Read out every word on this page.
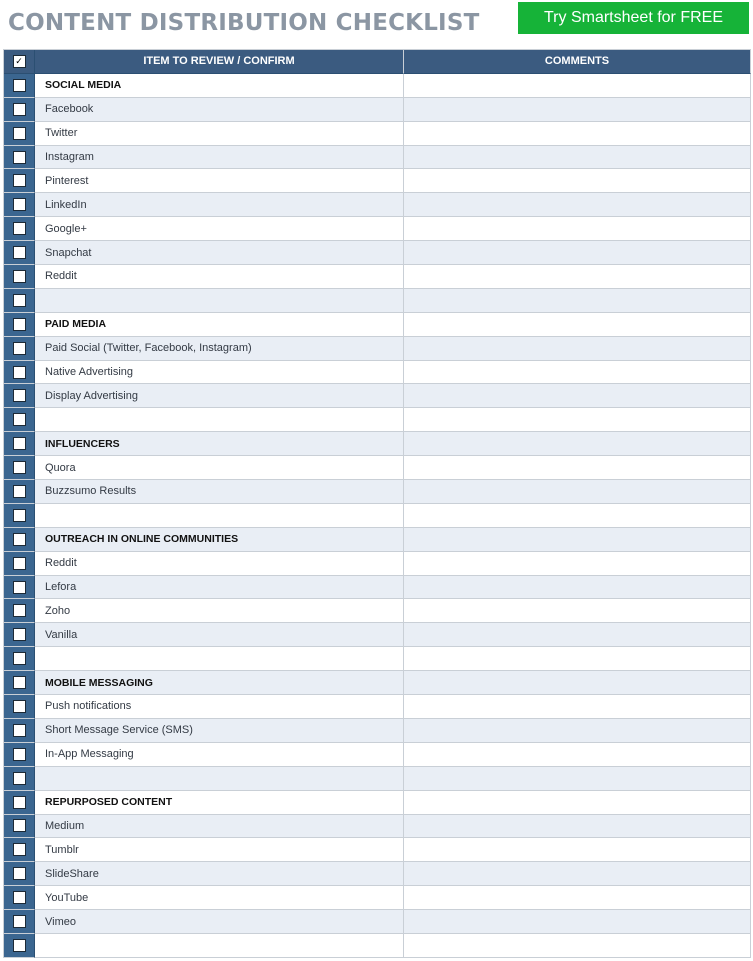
CONTENT DISTRIBUTION CHECKLIST	Try Smartsheet for FREE
✓	ITEM TO REVIEW / CONFIRM	COMMENTS
SOCIAL MEDIA
Facebook
Twitter
Instagram
Pinterest
LinkedIn
Google+
Snapchat
Reddit
PAID MEDIA
Paid Social (Twitter, Facebook, Instagram)
Native Advertising
Display Advertising
INFLUENCERS
Quora
Buzzsumo Results
OUTREACH IN ONLINE COMMUNITIES
Reddit
Lefora
Zoho
Vanilla
MOBILE MESSAGING
Push notifications
Short Message Service (SMS)
In-App Messaging
REPURPOSED CONTENT
Medium
Tumblr
SlideShare
YouTube
Vimeo
